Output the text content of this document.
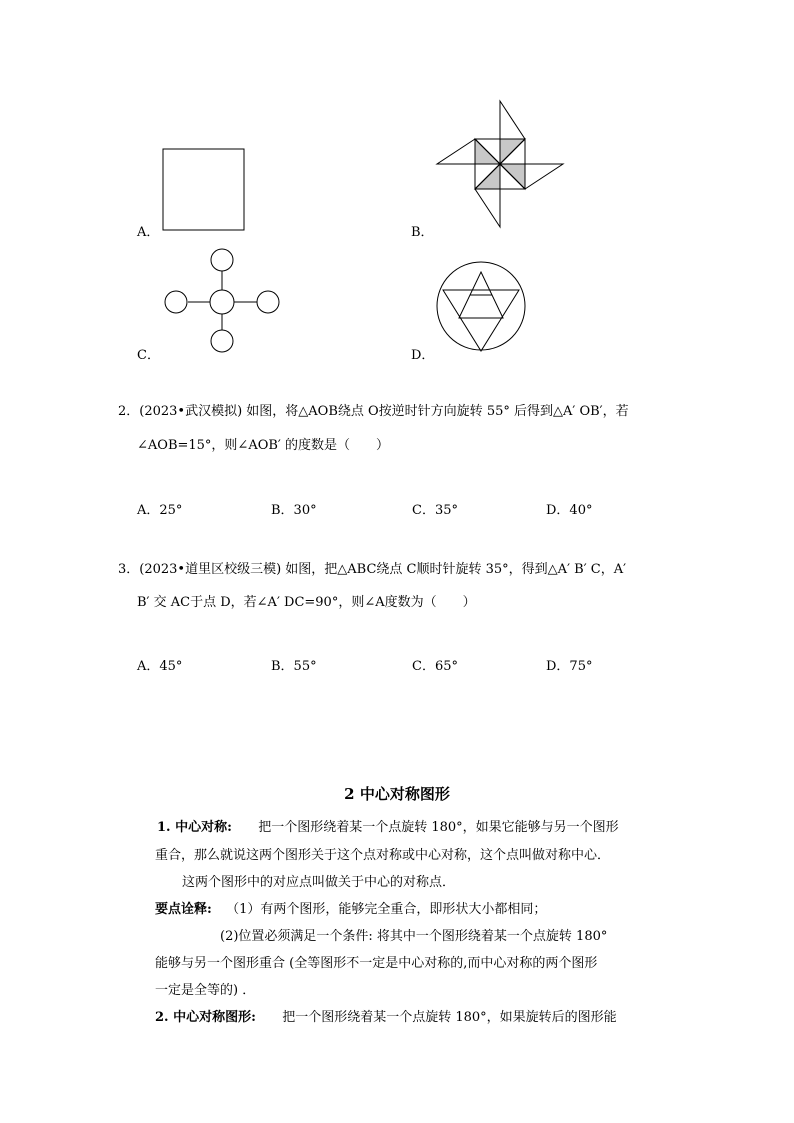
A．	B．
C．	D．
2．(2023•武汉模拟) 如图，将△AOB绕点 O按逆时针方向旋转 55° 后得到△A′ OB′，若
∠AOB=15°，则∠AOB′ 的度数是（　　）
A．25°	B．30°	C．35°	D．40°
3．(2023•道里区校级三模) 如图，把△ABC绕点 C顺时针旋转 35°，得到△A′ B′ C，A′
B′ 交 AC于点 D，若∠A′ DC=90°，则∠A度数为（　　）
A．45°	B．55°	C．65°	D．75°
2 中心对称图形
1. 中心对称: 把一个图形绕着某一个点旋转 180°，如果它能够与另一个图形
重合，那么就说这两个图形关于这个点对称或中心对称，这个点叫做对称中心．
这两个图形中的对应点叫做关于中心的对称点．
要点诠释: （1）有两个图形，能够完全重合，即形状大小都相同；
(2)位置必须满足一个条件: 将其中一个图形绕着某一个点旋转 180°
能够与另一个图形重合 (全等图形不一定是中心对称的,而中心对称的两个图形
一定是全等的) ．
2. 中心对称图形: 把一个图形绕着某一个点旋转 180°，如果旋转后的图形能
